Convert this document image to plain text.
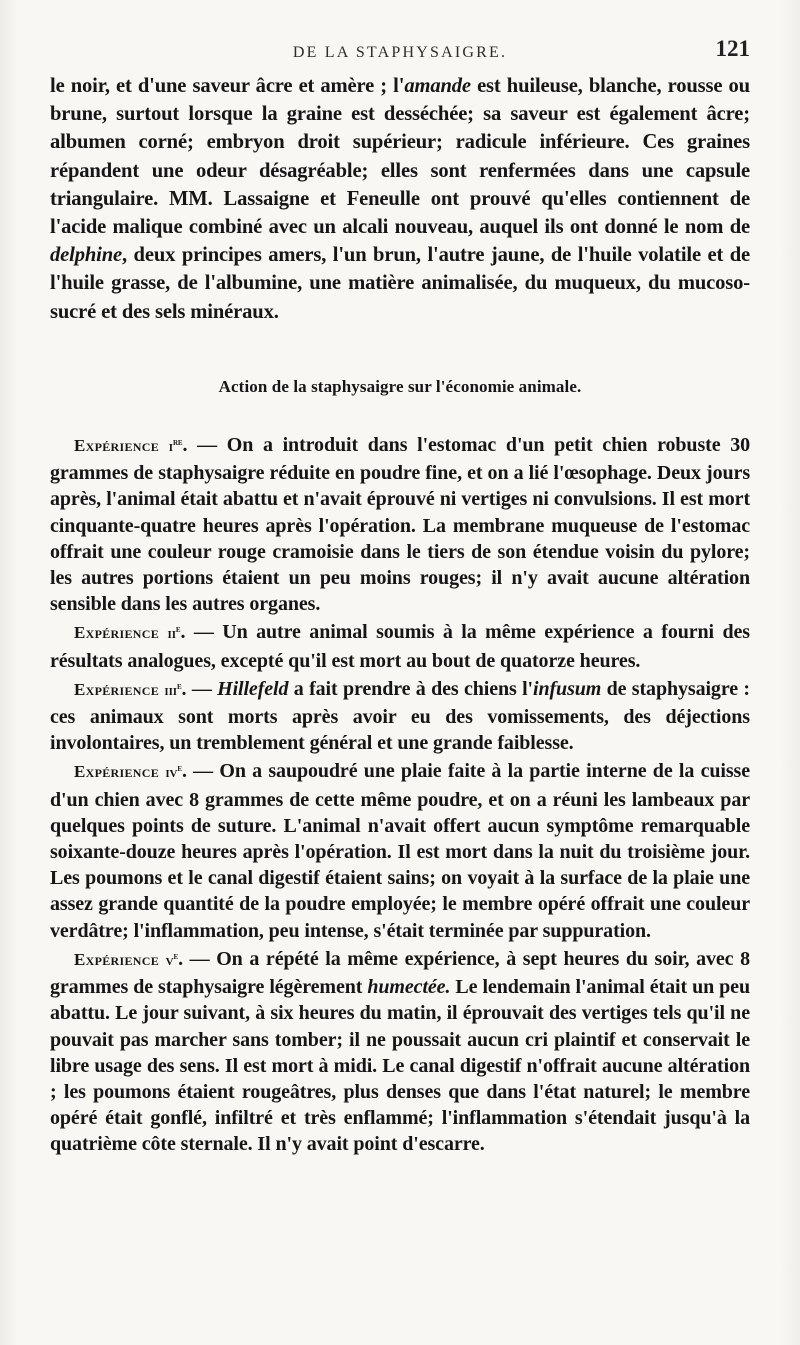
DE LA STAPHYSAIGRE.	121

le noir, et d'une saveur âcre et amère ; l'amande est huileuse, blanche, rousse ou brune, surtout lorsque la graine est desséchée; sa saveur est également âcre; albumen corné; embryon droit supérieur; radicule inférieure. Ces graines répandent une odeur désagréable; elles sont renfermées dans une capsule triangulaire. MM. Lassaigne et Feneulle ont prouvé qu'elles contiennent de l'acide malique combiné avec un alcali nouveau, auquel ils ont donné le nom de delphine, deux principes amers, l'un brun, l'autre jaune, de l'huile volatile et de l'huile grasse, de l'albumine, une matière animalisée, du muqueux, du mucoso-sucré et des sels minéraux.

Action de la staphysaigre sur l'économie animale.

Expérience $i^{re}$. — On a introduit dans l'estomac d'un petit chien robuste 30 grammes de staphysaigre réduite en poudre fine, et on a lié l'œsophage. Deux jours après, l'animal était abattu et n'avait éprouvé ni vertiges ni convulsions. Il est mort cinquante-quatre heures après l'opération. La membrane muqueuse de l'estomac offrait une couleur rouge cramoisie dans le tiers de son étendue voisin du pylore; les autres portions étaient un peu moins rouges; il n'y avait aucune altération sensible dans les autres organes.

Expérience $ii^e$. — Un autre animal soumis à la même expérience a fourni des résultats analogues, excepté qu'il est mort au bout de quatorze heures.

Expérience iii$^e$. — Hillefeld a fait prendre à des chiens l'infusum de staphysaigre : ces animaux sont morts après avoir eu des vomissements, des déjections involontaires, un tremblement général et une grande faiblesse.

Expérience $iv^e$. — On a saupoudré une plaie faite à la partie interne de la cuisse d'un chien avec 8 grammes de cette même poudre, et on a réuni les lambeaux par quelques points de suture. L'animal n'avait offert aucun symptôme remarquable soixante-douze heures après l'opération. Il est mort dans la nuit du troisième jour. Les poumons et le canal digestif étaient sains; on voyait à la surface de la plaie une assez grande quantité de la poudre employée; le membre opéré offrait une couleur verdâtre; l'inflammation, peu intense, s'était terminée par suppuration.

Expérience $v^e$. — On a répété la même expérience, à sept heures du soir, avec 8 grammes de staphysaigre légèrement humectée. Le lendemain l'animal était un peu abattu. Le jour suivant, à six heures du matin, il éprouvait des vertiges tels qu'il ne pouvait pas marcher sans tomber; il ne poussait aucun cri plaintif et conservait le libre usage des sens. Il est mort à midi. Le canal digestif n'offrait aucune altération ; les poumons étaient rougeâtres, plus denses que dans l'état naturel; le membre opéré était gonflé, infiltré et très enflammé; l'inflammation s'étendait jusqu'à la quatrième côte sternale. Il n'y avait point d'escarre.
